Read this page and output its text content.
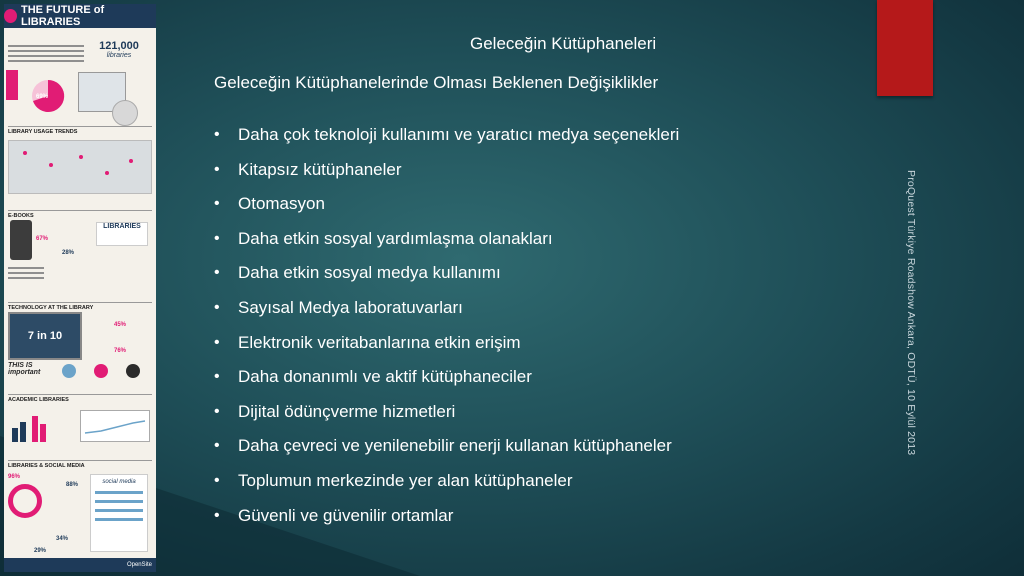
THE FUTURE of LIBRARIES
121,000
libraries
69%
LIBRARY USAGE TRENDS
E-BOOKS
67%
28%
LIBRARIES
TECHNOLOGY AT THE LIBRARY
7 in 10
45%
76%
THIS IS important
ACADEMIC LIBRARIES
LIBRARIES & SOCIAL MEDIA
96%
88%
34%
29%
social media
OpenSite
Geleceğin Kütüphaneleri
Geleceğin Kütüphanelerinde Olması Beklenen Değişiklikler
• Daha çok teknoloji kullanımı ve yaratıcı medya seçenekleri
• Kitapsız kütüphaneler
• Otomasyon
• Daha etkin sosyal yardımlaşma olanakları
• Daha etkin sosyal medya kullanımı
• Sayısal Medya laboratuvarları
• Elektronik veritabanlarına etkin erişim
• Daha donanımlı ve aktif kütüphaneciler
• Dijital ödünçverme hizmetleri
• Daha çevreci ve yenilenebilir enerji kullanan kütüphaneler
• Toplumun merkezinde yer alan kütüphaneler
• Güvenli ve güvenilir ortamlar
ProQuest Türkiye Roadshow Ankara, ODTÜ, 10 Eylül 2013
